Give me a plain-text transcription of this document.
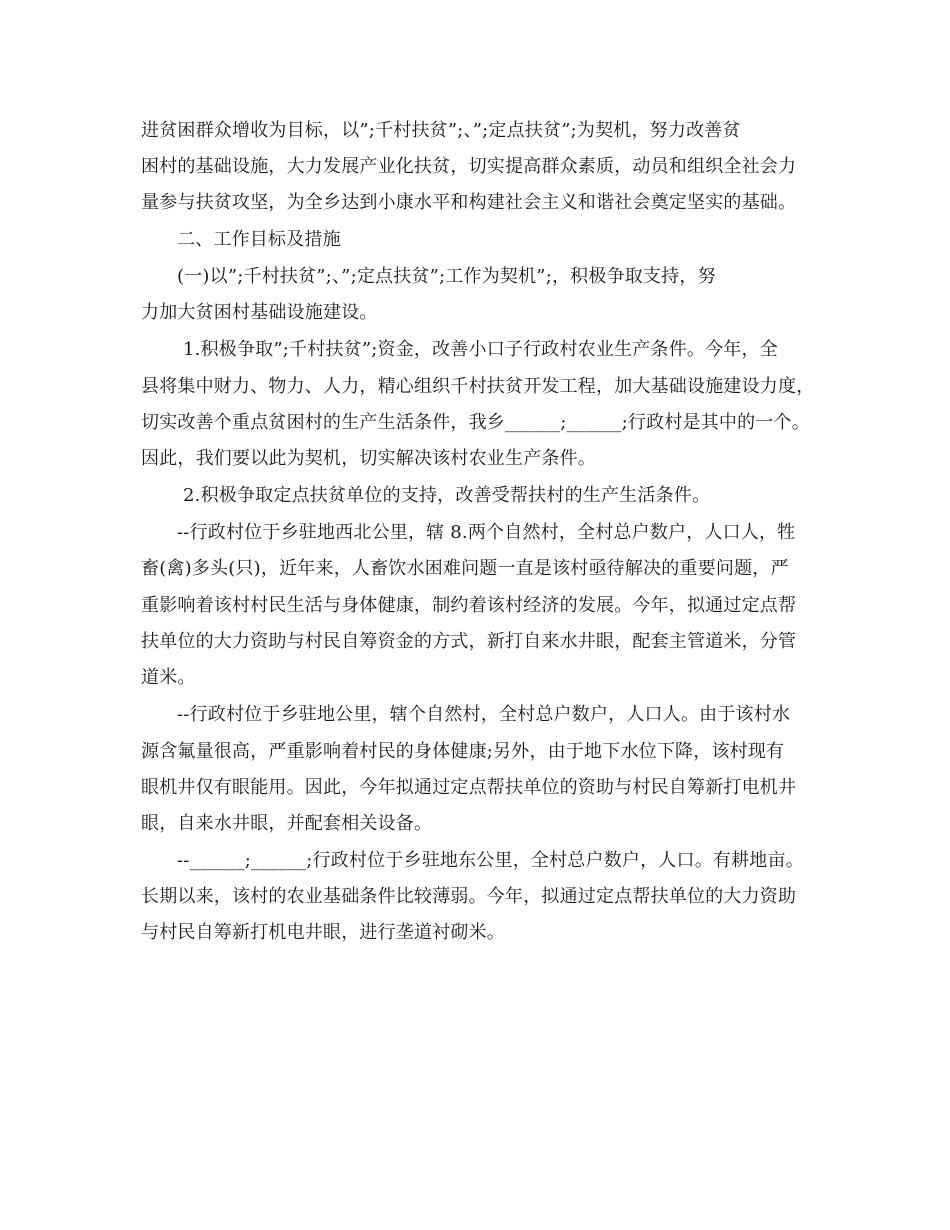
进贫困群众增收为目标，以”;千村扶贫”;、”;定点扶贫”;为契机，努力改善贫
困村的基础设施，大力发展产业化扶贫，切实提高群众素质，动员和组织全社会力
量参与扶贫攻坚，为全乡达到小康水平和构建社会主义和谐社会奠定坚实的基础。
二、工作目标及措施
(一)以”;千村扶贫”;、”;定点扶贫”;工作为契机”;，积极争取支持，努
力加大贫困村基础设施建设。
1.积极争取”;千村扶贫”;资金，改善小口子行政村农业生产条件。今年，全
县将集中财力、物力、人力，精心组织千村扶贫开发工程，加大基础设施建设力度，
切实改善个重点贫困村的生产生活条件，我乡______;______;行政村是其中的一个。
因此，我们要以此为契机，切实解决该村农业生产条件。
2.积极争取定点扶贫单位的支持，改善受帮扶村的生产生活条件。
--行政村位于乡驻地西北公里，辖 8.两个自然村，全村总户数户，人口人，牲
畜(禽)多头(只)，近年来，人畜饮水困难问题一直是该村亟待解决的重要问题，严
重影响着该村村民生活与身体健康，制约着该村经济的发展。今年，拟通过定点帮
扶单位的大力资助与村民自筹资金的方式，新打自来水井眼，配套主管道米，分管
道米。
--行政村位于乡驻地公里，辖个自然村，全村总户数户，人口人。由于该村水
源含氟量很高，严重影响着村民的身体健康;另外，由于地下水位下降，该村现有
眼机井仅有眼能用。因此，今年拟通过定点帮扶单位的资助与村民自筹新打电机井
眼，自来水井眼，并配套相关设备。
--______;______;行政村位于乡驻地东公里，全村总户数户，人口。有耕地亩。
长期以来，该村的农业基础条件比较薄弱。今年，拟通过定点帮扶单位的大力资助
与村民自筹新打机电井眼，进行垄道衬砌米。
